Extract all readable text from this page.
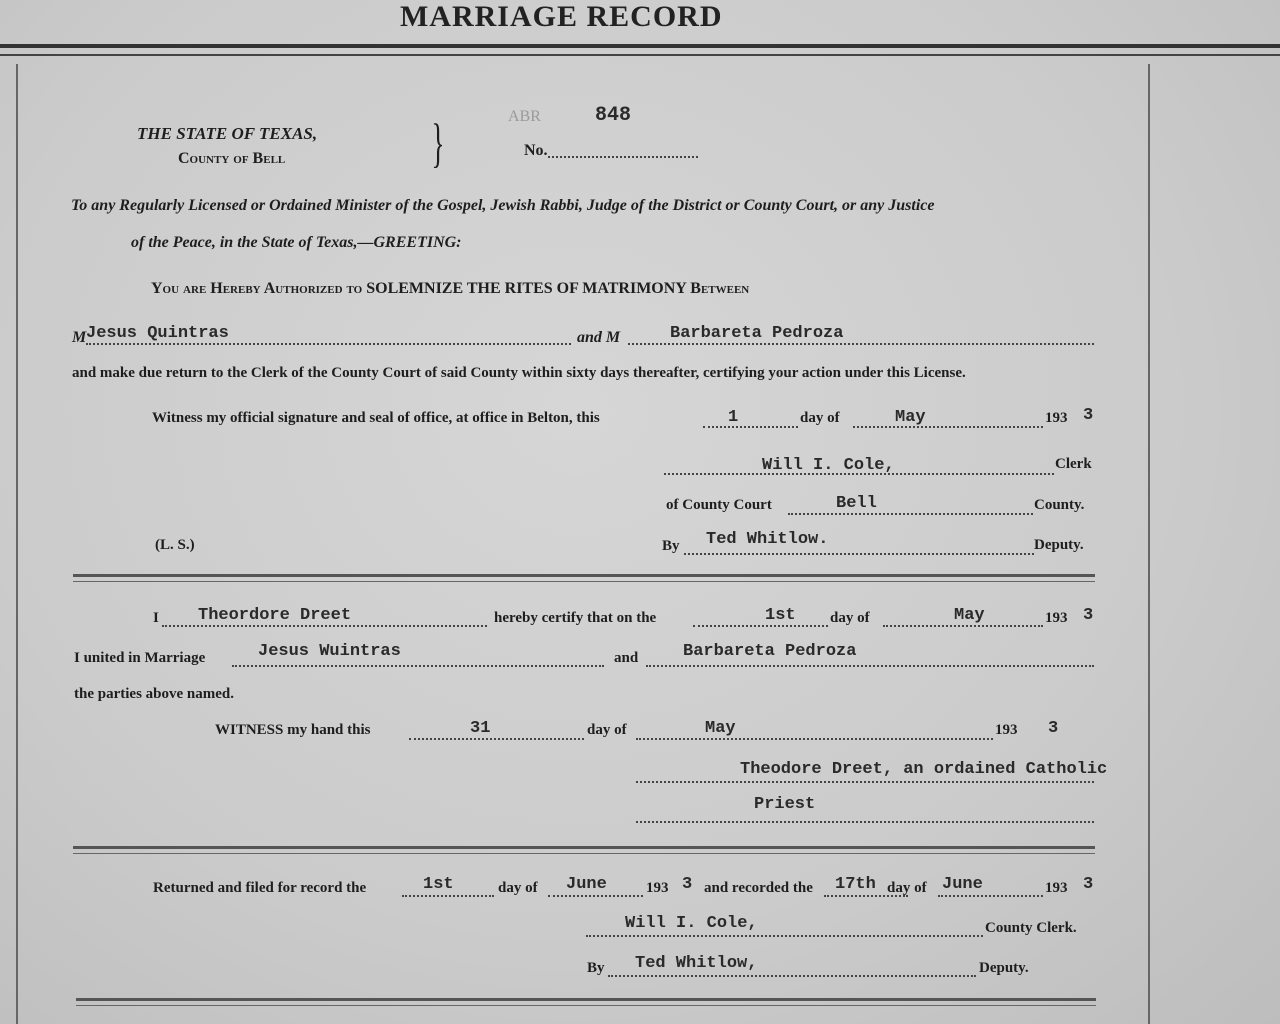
MARRIAGE RECORD
THE STATE OF TEXAS,
County of Bell	}	ABR	848
No.
To any Regularly Licensed or Ordained Minister of the Gospel, Jewish Rabbi, Judge of the District or County Court, or any Justice
of the Peace, in the State of Texas,—GREETING:
You are Hereby Authorized to SOLEMNIZE THE RITES OF MATRIMONY Between
M Jesus Quintras	and M	Barbareta Pedroza
and make due return to the Clerk of the County Court of said County within sixty days thereafter, certifying your action under this License.
Witness my official signature and seal of office, at office in Belton, this	1	day of	May	193 3
Will I. Cole,	Clerk
of County Court	Bell	County.
(L. S.)	By Ted Whitlow.	Deputy.
I Theordore Dreet	hereby certify that on the	1st day of	May	193 3
I united in Marriage	Jesus Wuintras	and	Barbareta Pedroza
the parties above named.
WITNESS my hand this	31	day of	May	193 3
Theodore Dreet, an ordained Catholic
Priest
Returned and filed for record the	1st	day of June	193 3 and recorded the 17th day of June	193 3
Will I. Cole,	County Clerk.
By Ted Whitlow,	Deputy.
